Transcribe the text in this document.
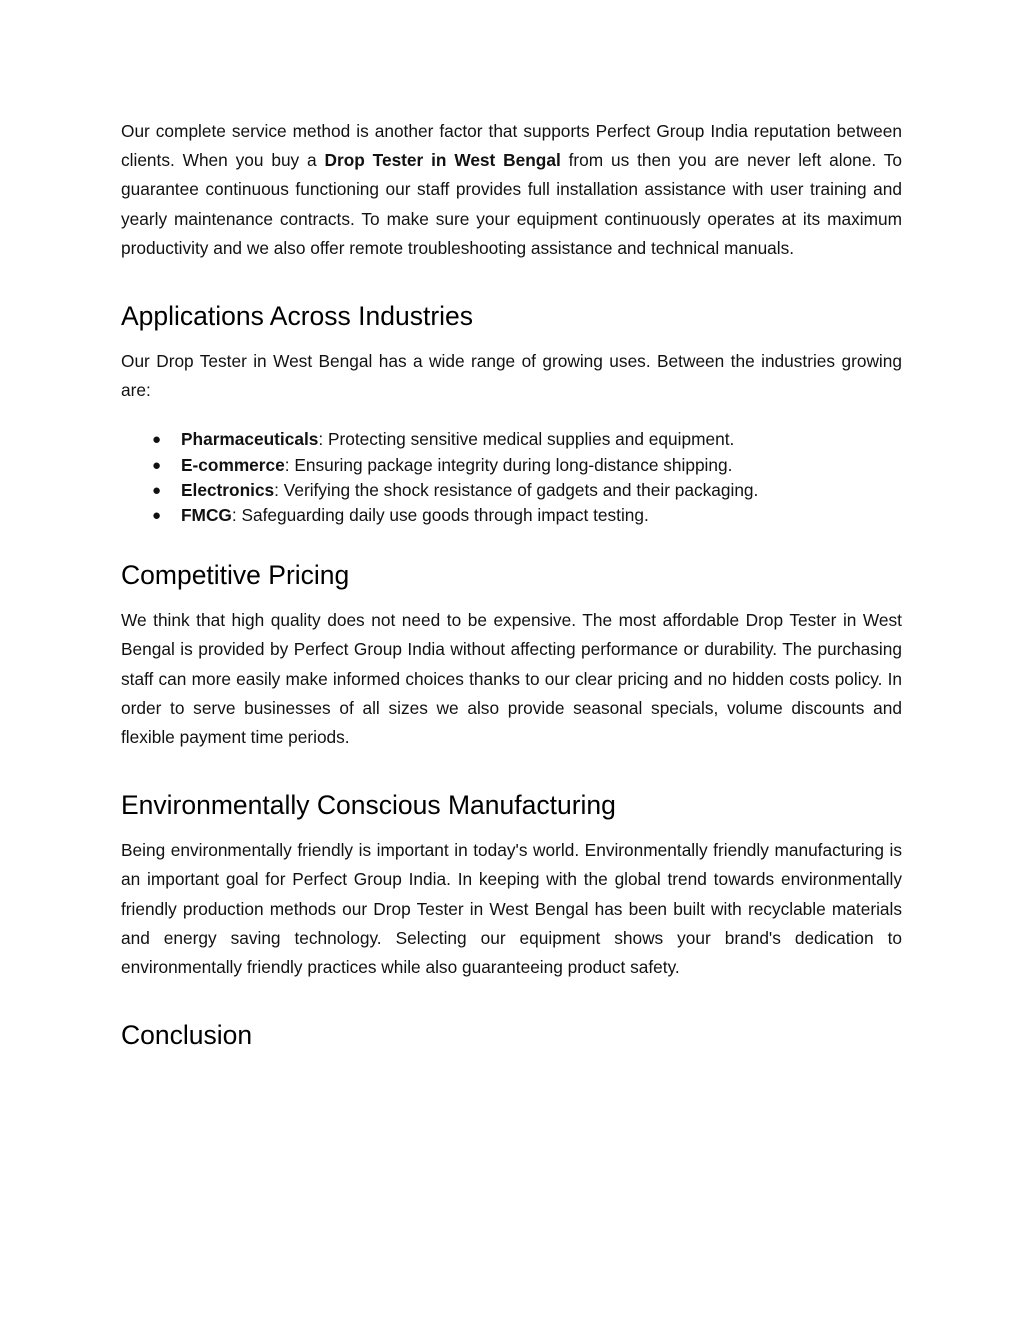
Our complete service method is another factor that supports Perfect Group India reputation between clients. When you buy a Drop Tester in West Bengal from us then you are never left alone. To guarantee continuous functioning our staff provides full installation assistance with user training and yearly maintenance contracts. To make sure your equipment continuously operates at its maximum productivity and we also offer remote troubleshooting assistance and technical manuals.

Applications Across Industries

Our Drop Tester in West Bengal has a wide range of growing uses. Between the industries growing are:

● Pharmaceuticals: Protecting sensitive medical supplies and equipment.
● E-commerce: Ensuring package integrity during long-distance shipping.
● Electronics: Verifying the shock resistance of gadgets and their packaging.
● FMCG: Safeguarding daily use goods through impact testing.
Competitive Pricing

We think that high quality does not need to be expensive. The most affordable Drop Tester in West Bengal is provided by Perfect Group India without affecting performance or durability. The purchasing staff can more easily make informed choices thanks to our clear pricing and no hidden costs policy. In order to serve businesses of all sizes we also provide seasonal specials, volume discounts and flexible payment time periods.

Environmentally Conscious Manufacturing

Being environmentally friendly is important in today's world. Environmentally friendly manufacturing is an important goal for Perfect Group India. In keeping with the global trend towards environmentally friendly production methods our Drop Tester in West Bengal has been built with recyclable materials and energy saving technology. Selecting our equipment shows your brand's dedication to environmentally friendly practices while also guaranteeing product safety.

Conclusion
